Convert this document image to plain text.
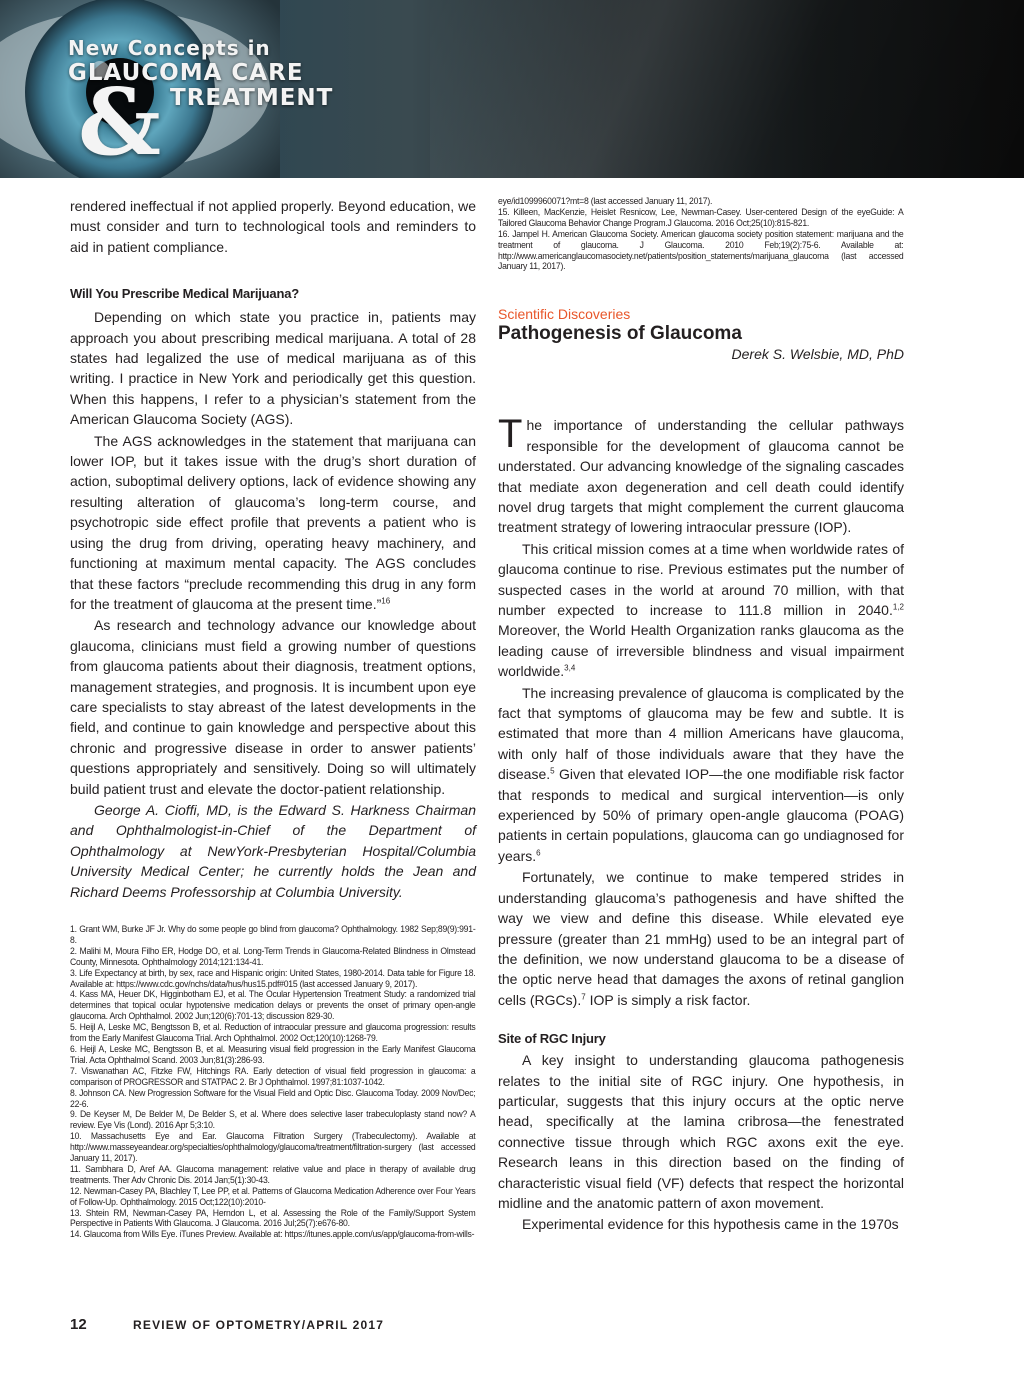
New Concepts in
GLAUCOMA CARE
TREATMENT
&

rendered ineffectual if not applied properly. Beyond education, we must consider and turn to technological tools and reminders to aid in patient compliance.

Will You Prescribe Medical Marijuana?

Depending on which state you practice in, patients may approach you about prescribing medical marijuana. A total of 28 states had legalized the use of medical marijuana as of this writing. I practice in New York and periodically get this question. When this happens, I refer to a physician’s statement from the American Glaucoma Society (AGS).

The AGS acknowledges in the statement that marijuana can lower IOP, but it takes issue with the drug’s short duration of action, suboptimal delivery options, lack of evidence showing any resulting alteration of glaucoma’s long-term course, and psychotropic side effect profile that prevents a patient who is using the drug from driving, operating heavy machinery, and functioning at maximum mental capacity. The AGS concludes that these factors “preclude recommending this drug in any form for the treatment of glaucoma at the present time.”$^{16}$

As research and technology advance our knowledge about glaucoma, clinicians must field a growing number of questions from glaucoma patients about their diagnosis, treatment options, management strategies, and prognosis. It is incumbent upon eye care specialists to stay abreast of the latest developments in the field, and continue to gain knowledge and perspective about this chronic and progressive disease in order to answer patients’ questions appropriately and sensitively. Doing so will ultimately build patient trust and elevate the doctor-patient relationship.

George A. Cioffi, MD, is the Edward S. Harkness Chairman and Ophthalmologist-in-Chief of the Department of Ophthalmology at NewYork-Presbyterian Hospital/Columbia University Medical Center; he currently holds the Jean and Richard Deems Professorship at Columbia University.

1. Grant WM, Burke JF Jr. Why do some people go blind from glaucoma? Ophthalmology. 1982 Sep;89(9):991-8.
2. Malihi M, Moura Filho ER, Hodge DO, et al. Long-Term Trends in Glaucoma-Related Blindness in Olmstead County, Minnesota. Ophthalmology 2014;121:134-41.
3. Life Expectancy at birth, by sex, race and Hispanic origin: United States, 1980-2014. Data table for Figure 18. Available at: https://www.cdc.gov/nchs/data/hus/hus15.pdf#015 (last accessed January 9, 2017).
4. Kass MA, Heuer DK, Higginbotham EJ, et al. The Ocular Hypertension Treatment Study: a randomized trial determines that topical ocular hypotensive medication delays or prevents the onset of primary open-angle glaucoma. Arch Ophthalmol. 2002 Jun;120(6):701-13; discussion 829-30.
5. Heijl A, Leske MC, Bengtsson B, et al. Reduction of intraocular pressure and glaucoma progression: results from the Early Manifest Glaucoma Trial. Arch Ophthalmol. 2002 Oct;120(10):1268-79.
6. Heijl A, Leske MC, Bengtsson B, et al. Measuring visual field progression in the Early Manifest Glaucoma Trial. Acta Ophthalmol Scand. 2003 Jun;81(3):286-93.
7. Viswanathan AC, Fitzke FW, Hitchings RA. Early detection of visual field progression in glaucoma: a comparison of PROGRESSOR and STATPAC 2. Br J Ophthalmol. 1997;81:1037-1042.
8. Johnson CA. New Progression Software for the Visual Field and Optic Disc. Glaucoma Today. 2009 Nov/Dec; 22-6.
9. De Keyser M, De Belder M, De Belder S, et al. Where does selective laser trabeculoplasty stand now? A review. Eye Vis (Lond). 2016 Apr 5;3:10.
10. Massachusetts Eye and Ear. Glaucoma Filtration Surgery (Trabeculectomy). Available at http://www.masseyeandear.org/specialties/ophthalmology/glaucoma/treatment/filtration-surgery (last accessed January 11, 2017).
11. Sambhara D, Aref AA. Glaucoma management: relative value and place in therapy of available drug treatments. Ther Adv Chronic Dis. 2014 Jan;5(1):30-43.
12. Newman-Casey PA, Blachley T, Lee PP, et al. Patterns of Glaucoma Medication Adherence over Four Years of Follow-Up. Ophthalmology. 2015 Oct;122(10):2010-
13. Shtein RM, Newman-Casey PA, Herndon L, et al. Assessing the Role of the Family/Support System Perspective in Patients With Glaucoma. J Glaucoma. 2016 Jul;25(7):e676-80.
14. Glaucoma from Wills Eye. iTunes Preview. Available at: https://itunes.apple.com/us/app/glaucoma-from-wills-
eye/id1099960071?mt=8 (last accessed January 11, 2017).
15. Killeen, MacKenzie, Heislet Resnicow, Lee, Newman-Casey. User-centered Design of the eyeGuide: A Tailored Glaucoma Behavior Change Program.J Glaucoma. 2016 Oct;25(10):815-821.
16. Jampel H. American Glaucoma Society. American glaucoma society position statement: marijuana and the treatment of glaucoma. J Glaucoma. 2010 Feb;19(2):75-6. Available at: http://www.americanglaucomasociety.net/patients/position_statements/marijuana_glaucoma (last accessed January 11, 2017).
Scientific Discoveries
Pathogenesis of Glaucoma
Derek S. Welsbie, MD, PhD

The importance of understanding the cellular pathways responsible for the development of glaucoma cannot be understated. Our advancing knowledge of the signaling cascades that mediate axon degeneration and cell death could identify novel drug targets that might complement the current glaucoma treatment strategy of lowering intraocular pressure (IOP).

This critical mission comes at a time when worldwide rates of glaucoma continue to rise. Previous estimates put the number of suspected cases in the world at around 70 million, with that number expected to increase to 111.8 million in 2040.$^{1,2}$ Moreover, the World Health Organization ranks glaucoma as the leading cause of irreversible blindness and visual impairment worldwide.$^{3,4}$

The increasing prevalence of glaucoma is complicated by the fact that symptoms of glaucoma may be few and subtle. It is estimated that more than 4 million Americans have glaucoma, with only half of those individuals aware that they have the disease.$^5$ Given that elevated IOP—the one modifiable risk factor that responds to medical and surgical intervention—is only experienced by 50% of primary open-angle glaucoma (POAG) patients in certain populations, glaucoma can go undiagnosed for years.$^6$

Fortunately, we continue to make tempered strides in understanding glaucoma’s pathogenesis and have shifted the way we view and define this disease. While elevated eye pressure (greater than 21 mmHg) used to be an integral part of the definition, we now understand glaucoma to be a disease of the optic nerve head that damages the axons of retinal ganglion cells (RGCs).$^7$ IOP is simply a risk factor.

Site of RGC Injury

A key insight to understanding glaucoma pathogenesis relates to the initial site of RGC injury. One hypothesis, in particular, suggests that this injury occurs at the optic nerve head, specifically at the lamina cribrosa—the fenestrated connective tissue through which RGC axons exit the eye. Research leans in this direction based on the finding of characteristic visual field (VF) defects that respect the horizontal midline and the anatomic pattern of axon movement.

Experimental evidence for this hypothesis came in the 1970s

12	REVIEW OF OPTOMETRY/APRIL 2017
